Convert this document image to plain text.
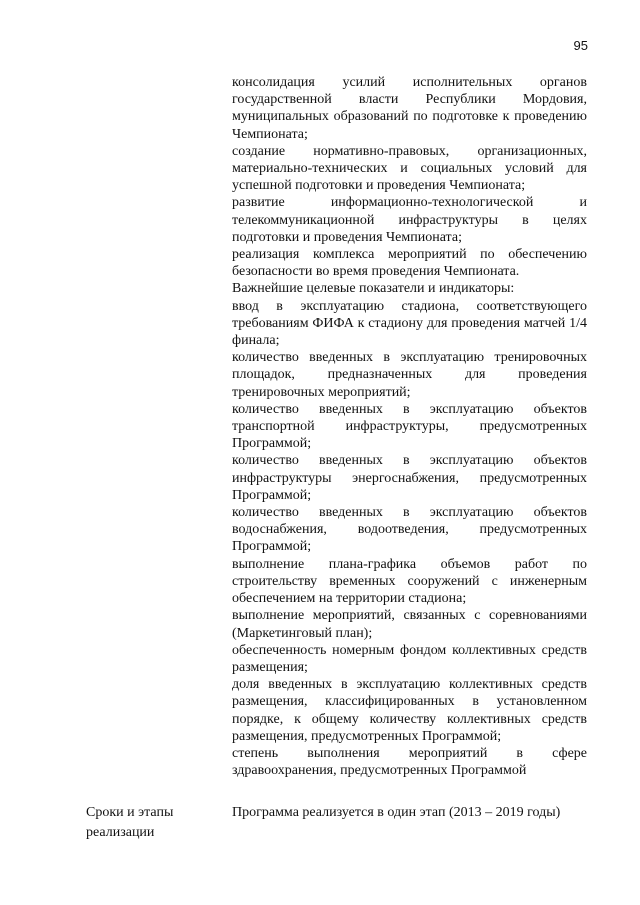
95
консолидация усилий исполнительных органов государственной власти Республики Мордовия, муниципальных образований по подготовке к проведению Чемпионата;
создание нормативно-правовых, организационных, материально-технических и социальных условий для успешной подготовки и проведения Чемпионата;
развитие информационно-технологической и телекоммуникационной инфраструктуры в целях подготовки и проведения Чемпионата;
реализация комплекса мероприятий по обеспечению безопасности во время проведения Чемпионата.
Важнейшие целевые показатели и индикаторы:
ввод в эксплуатацию стадиона, соответствующего требованиям ФИФА к стадиону для проведения матчей 1/4 финала;
количество введенных в эксплуатацию тренировочных площадок, предназначенных для проведения тренировочных мероприятий;
количество введенных в эксплуатацию объектов транспортной инфраструктуры, предусмотренных Программой;
количество введенных в эксплуатацию объектов инфраструктуры энергоснабжения, предусмотренных Программой;
количество введенных в эксплуатацию объектов водоснабжения, водоотведения, предусмотренных Программой;
выполнение плана-графика объемов работ по строительству временных сооружений с инженерным обеспечением на территории стадиона;
выполнение мероприятий, связанных с соревнованиями (Маркетинговый план);
обеспеченность номерным фондом коллективных средств размещения;
доля введенных в эксплуатацию коллективных средств размещения, классифицированных в установленном порядке, к общему количеству коллективных средств размещения, предусмотренных Программой;
степень выполнения мероприятий в сфере здравоохранения, предусмотренных Программой
Сроки и этапы реализации
Программа реализуется в один этап (2013 – 2019 годы)
